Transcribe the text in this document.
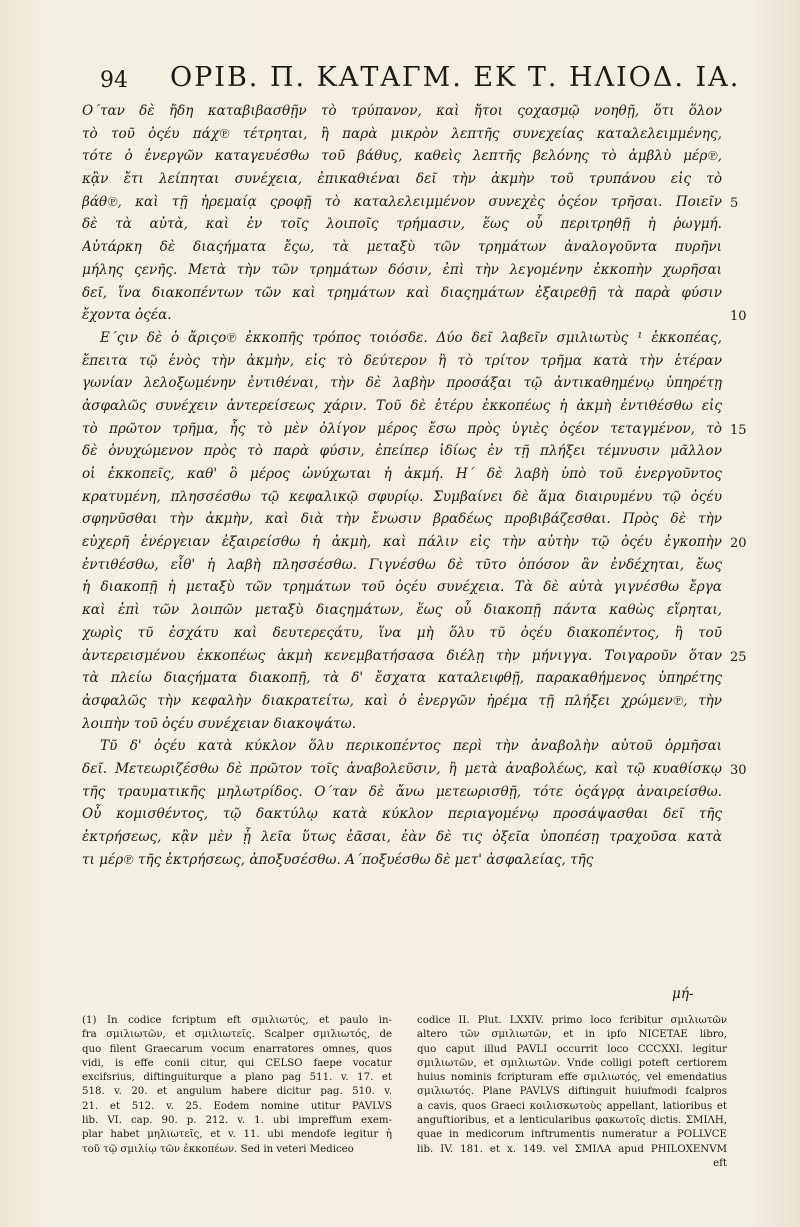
94 ΟΡΙΒ. Π. ΚΑΤΑΓΜ. ΕΚ Τ. ΗΛΙΟΔ. ΙΑ.
Ο΄ταν δὲ ἤδη καταβιβασθῇν τὸ τρύπανον, καὶ ἤτοι ςοχασμῷ νοηθῇ, ὅτι ὅλον
τὸ τοῦ ὀςέυ πάχ℗ τέτρηται, ἢ παρὰ μικρὸν λεπτῆς συνεχείας καταλελειμμένης,
τότε ὁ ἐνεργῶν καταγευέσθω τοῦ βάθυς, καθεὶς λεπτῆς βελόνης τὸ ἀμβλὺ μέρ℗,
κᾂν ἔτι λείπηται συνέχεια, ἐπικαθιέναι δεῖ τὴν ἀκμὴν τοῦ τρυπάνου εἰς τὸ
βάθ℗, καὶ τῇ ἠρεμαίᾳ ςροφῇ τὸ καταλελειμμένον συνεχὲς ὀςέον τρῆσαι. Ποιεῖν
δὲ τὰ αὐτὰ, καὶ ἐν τοῖς λοιποῖς τρήμασιν, ἕως οὗ περιτρηθῇ ἡ ῥωγμή.
Αὐτάρκη δὲ διαςήματα ἔςω, τὰ μεταξὺ τῶν τρημάτων ἀναλογοῦντα πυρῆνι
μήλης ςενῆς. Μετὰ τὴν τῶν τρημάτων δόσιν, ἐπὶ τὴν λεγομένην ἐκκοπὴν χωρῆσαι
δεῖ, ἵνα διακοπέντων τῶν καὶ τρημάτων καὶ διαςημάτων ἐξαιρεθῇ τὰ παρὰ φύσιν
ἔχοντα ὀςέα.
Ε΄ςιν δὲ ὁ ἄριςο℗ ἐκκοπῆς τρόπος τοιόσδε. Δύο δεῖ λαβεῖν σμιλιωτὺς ¹ ἐκκοπέας,
ἔπειτα τῷ ἑνὸς τὴν ἀκμὴν, εἰς τὸ δεύτερον ἢ τὸ τρίτον τρῆμα κατὰ τὴν ἑτέραν
γωνίαν λελοξωμένην ἐντιθέναι, τὴν δὲ λαβὴν προσάξαι τῷ ἀντικαθημένῳ ὑπηρέτῃ
ἀσφαλῶς συνέχειν ἀντερείσεως χάριν. Τοῦ δὲ ἑτέρυ ἐκκοπέως ἡ ἀκμὴ ἐντιθέσθω εἰς
τὸ πρῶτον τρῆμα, ἧς τὸ μὲν ὀλίγον μέρος ἔσω πρὸς ὑγιὲς ὀςέον τεταγμένον, τὸ
δὲ ὀνυχώμενον πρὸς τὸ παρὰ φύσιν, ἐπείπερ ἰδίως ἐν τῇ πλήξει τέμνυσιν μᾶλλον
οἱ ἐκκοπεῖς, καθ' ὃ μέρος ὠνύχωται ἡ ἀκμή. Η΄ δὲ λαβὴ ὑπὸ τοῦ ἐνεργοῦντος
κρατυμένη, πλησσέσθω τῷ κεφαλικῷ σφυρίῳ. Συμβαίνει δὲ ἅμα διαιρυμένυ τῷ ὀςέυ
σφηνῦσθαι τὴν ἀκμὴν, καὶ διὰ τὴν ἔνωσιν βραδέως προβιβάζεσθαι. Πρὸς δὲ τὴν
εὐχερῆ ἐνέργειαν ἐξαιρείσθω ἡ ἀκμὴ, καὶ πάλιν εἰς τὴν αὐτὴν τῷ ὀςέυ ἐγκοπὴν
ἐντιθέσθω, εἶθ' ἡ λαβὴ πλησσέσθω. Γιγνέσθω δὲ τῦτο ὁπόσον ἂν ἐνδέχηται, ἕως
ἡ διακοπῇ ἡ μεταξὺ τῶν τρημάτων τοῦ ὀςέυ συνέχεια. Τὰ δὲ αὐτὰ γιγνέσθω ἔργα
καὶ ἐπὶ τῶν λοιπῶν μεταξὺ διαςημάτων, ἕως οὗ διακοπῇ πάντα καθὼς εἴρηται,
χωρὶς τῦ ἐσχάτυ καὶ δευτερεςάτυ, ἵνα μὴ ὅλυ τῦ ὀςέυ διακοπέντος, ἢ τοῦ
ἀντερεισμένου ἐκκοπέως ἀκμὴ κενεμβατήσασα διέλῃ τὴν μήνιγγα. Τοιγαροῦν ὅταν
τὰ πλείω διαςήματα διακοπῇ, τὰ δ' ἔσχατα καταλειφθῇ, παρακαθήμενος ὑπηρέτης
ἀσφαλῶς τὴν κεφαλὴν διακρατείτω, καὶ ὁ ἐνεργῶν ἠρέμα τῇ πλήξει χρώμεν℗, τὴν
λοιπὴν τοῦ ὀςέυ συνέχειαν διακοψάτω.
Τῦ δ' ὀςέυ κατὰ κύκλον ὅλυ περικοπέντος περὶ τὴν ἀναβολὴν αὐτοῦ ὁρμῆσαι
δεῖ. Μετεωριζέσθω δὲ πρῶτον τοῖς ἀναβολεῦσιν, ἢ μετὰ ἀναβολέως, καὶ τῷ κυαθίσκῳ
τῆς τραυματικῆς μηλωτρίδος. Ο΄ταν δὲ ἄνω μετεωρισθῇ, τότε ὀςάγρᾳ ἀναιρείσθω.
Οὗ κομισθέντος, τῷ δακτύλῳ κατὰ κύκλον περιαγομένῳ προσάψασθαι δεῖ τῆς
ἐκτρήσεως, κᾂν μὲν ᾖ λεῖα ὕτως ἐᾶσαι, ἐὰν δὲ τις ὀξεῖα ὑποπέσῃ τραχοῦσα κατὰ
τι μέρ℗ τῆς ἐκτρήσεως, ἀποξυσέσθω. Α΄ποξυέσθω δὲ μετ' ἀσφαλείας, τῆς
5
10
15
20
25
30
μή-
(1) In codice fcriptum eft σμιλιωτύς, et paulo in-
fra σμιλιωτῶν, et σμιλιωτεῖς. Scalper σμιλιωτός, de
quo filent Graecarum vocum enarratores omnes, quos
vidi, is effe conii citur, qui CELSO faepe vocatur
excifsrius, diftinguiturque a plano pag 511. v. 17. et
518. v. 20. et angulum habere dicitur pag. 510. v.
21. et 512. v. 25. Eodem nomine utitur PAVLVS
lib. VI. cap. 90. p. 212. v. 1. ubi impreffum exem-
plar habet μηλιωτεῖς, et v. 11. ubi mendofe legitur ἡ
τοῦ τῷ σμιλίῳ τῶν ἐκκοπέων. Sed in veteri Mediceo
codice II. Plut. LXXIV. primo loco fcribitur σμιλιωτῶν
altero τῶν σμιλιωτῶν, et in ipfo NICETAE libro,
quo caput illud PAVLI occurrit loco CCCXXI. legitur
σμιλιωτῶν, et σμιλιωτῶν. Vnde colligi poteft certiorem
huius nominis fcripturam effe σμιλιωτός, vel emendatius
σμιλιωτός. Plane PAVLVS diftinguit huiufmodi fcalpros
a cavis, quos Graeci κοιλισκωτοὺς appellant, latioribus et
anguftioribus, et a lenticularibus φακωτοῖς dictis. ΣΜΙΛΗ,
quae in medicorum inftrumentis numeratur a POLLVCE
lib. IV. 181. et x. 149. vel ΣΜΙΛΑ apud PHILOXENVM
eft
